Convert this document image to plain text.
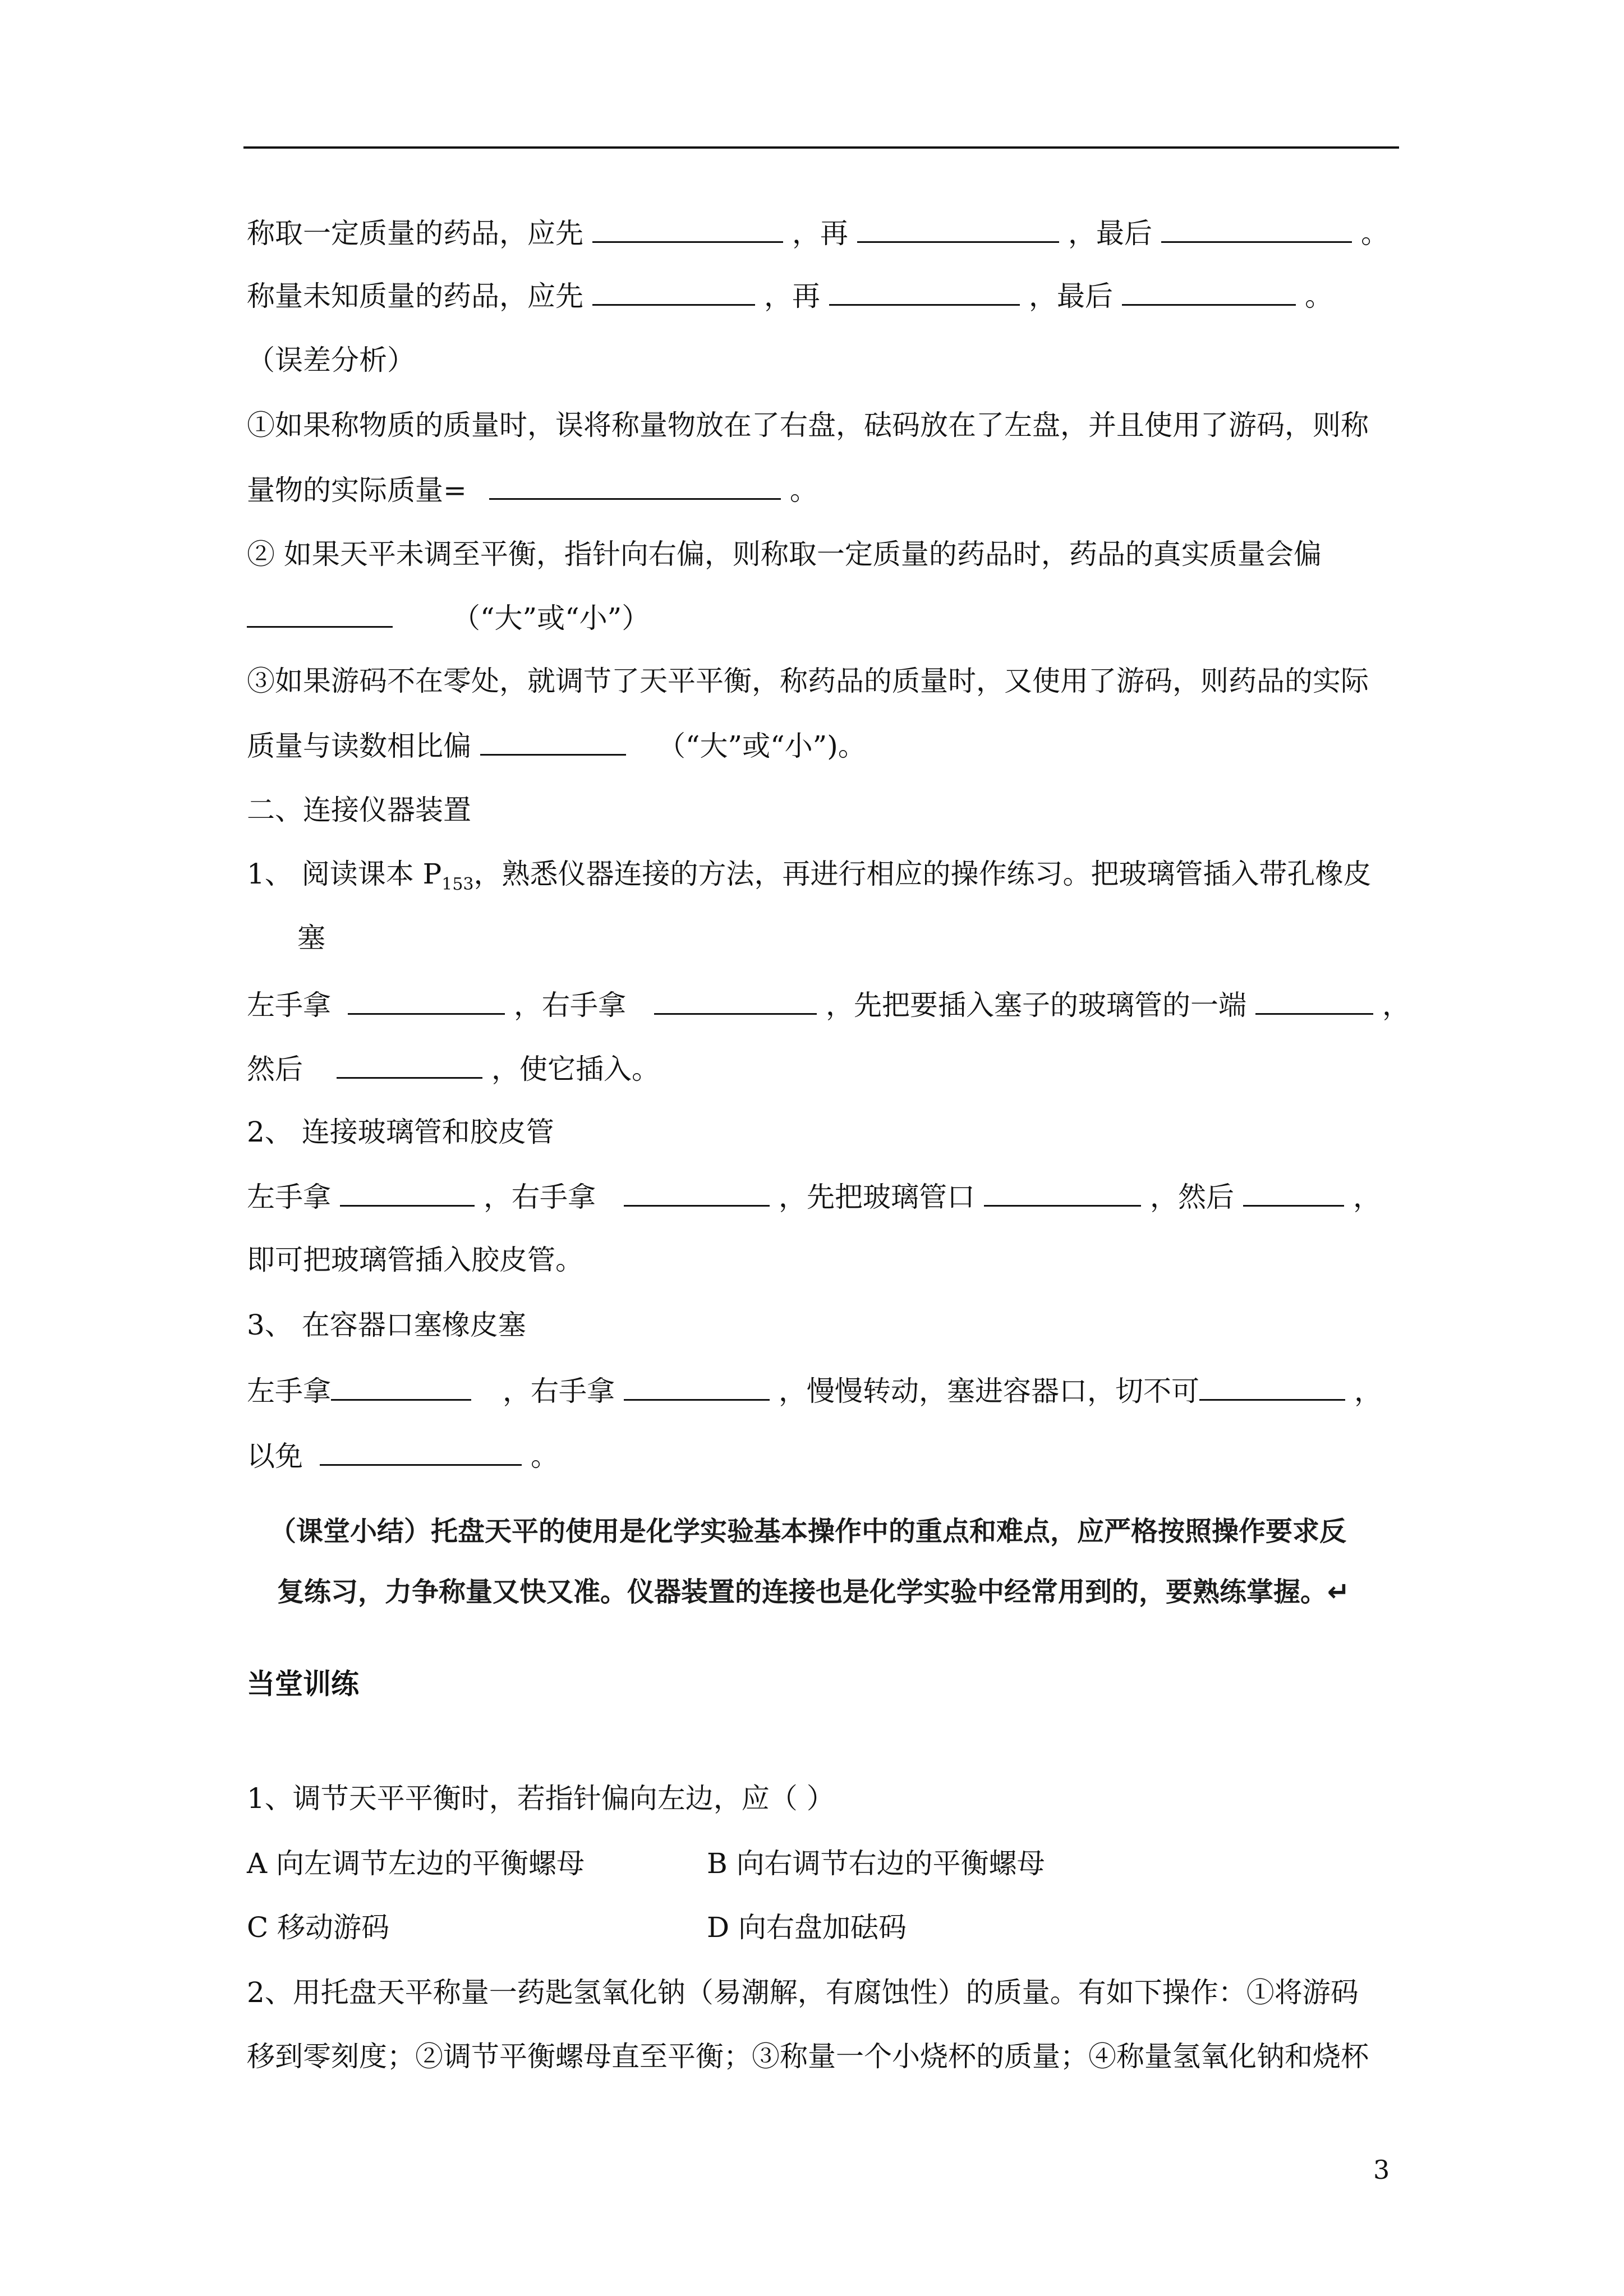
称取一定质量的药品，应先	，再	，最后	。
称量未知质量的药品，应先	，再	，最后	。
（误差分析）
①如果称物质的质量时，误将称量物放在了右盘，砝码放在了左盘，并且使用了游码，则称
量物的实际质量=	。
② 如果天平未调至平衡，指针向右偏，则称取一定质量的药品时，药品的真实质量会偏
（“大”或“小”）
③如果游码不在零处，就调节了天平平衡，称药品的质量时，又使用了游码，则药品的实际
质量与读数相比偏	（“大”或“小”)。
二、连接仪器装置
1、 阅读课本 $P_{153}$，熟悉仪器连接的方法，再进行相应的操作练习。把玻璃管插入带孔橡皮
塞
左手拿	，右手拿	，先把要插入塞子的玻璃管的一端	，
然后	，使它插入。
2、 连接玻璃管和胶皮管
左手拿	，右手拿	，先把玻璃管口	，然后	，
即可把玻璃管插入胶皮管。
3、 在容器口塞橡皮塞
左手拿	，右手拿	，慢慢转动，塞进容器口，切不可	，
以免	。
（课堂小结）托盘天平的使用是化学实验基本操作中的重点和难点，应严格按照操作要求反
复练习，力争称量又快又准。仪器装置的连接也是化学实验中经常用到的，要熟练掌握。↵
当堂训练
1、调节天平平衡时，若指针偏向左边，应（ ）
A 向左调节左边的平衡螺母	B 向右调节右边的平衡螺母
C 移动游码	D 向右盘加砝码
2、用托盘天平称量一药匙氢氧化钠（易潮解，有腐蚀性）的质量。有如下操作：①将游码
移到零刻度；②调节平衡螺母直至平衡；③称量一个小烧杯的质量；④称量氢氧化钠和烧杯
3
